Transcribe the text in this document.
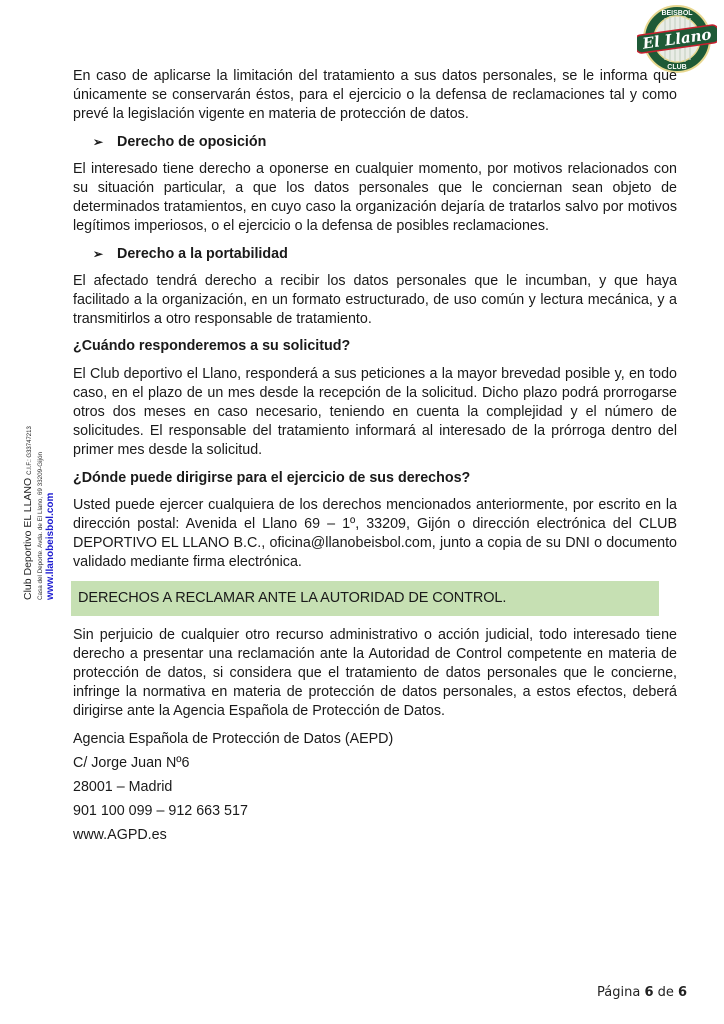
BEISBOL
El Llano
CLUB
Club Deportivo EL LLANO C.I.F.: G33747213
Casa del Deporte. Avda. de El Llano, 69 33209-Gijón www.llanobeisbol.com

En caso de aplicarse la limitación del tratamiento a sus datos personales, se le informa que únicamente se conservarán éstos, para el ejercicio o la defensa de reclamaciones tal y como prevé la legislación vigente en materia de protección de datos.

➢ Derecho de oposición

El interesado tiene derecho a oponerse en cualquier momento, por motivos relacionados con su situación particular, a que los datos personales que le conciernan sean objeto de determinados tratamientos, en cuyo caso la organización dejaría de tratarlos salvo por motivos legítimos imperiosos, o el ejercicio o la defensa de posibles reclamaciones.

➢ Derecho a la portabilidad

El afectado tendrá derecho a recibir los datos personales que le incumban, y que haya facilitado a la organización, en un formato estructurado, de uso común y lectura mecánica, y a transmitirlos a otro responsable de tratamiento.

¿Cuándo responderemos a su solicitud?

El Club deportivo el Llano, responderá a sus peticiones a la mayor brevedad posible y, en todo caso, en el plazo de un mes desde la recepción de la solicitud. Dicho plazo podrá prorrogarse otros dos meses en caso necesario, teniendo en cuenta la complejidad y el número de solicitudes. El responsable del tratamiento informará al interesado de la prórroga dentro del primer mes desde la solicitud.

¿Dónde puede dirigirse para el ejercicio de sus derechos?

Usted puede ejercer cualquiera de los derechos mencionados anteriormente, por escrito en la dirección postal: Avenida el Llano 69 – 1º, 33209, Gijón o dirección electrónica del CLUB DEPORTIVO EL LLANO B.C., oficina@llanobeisbol.com, junto a copia de su DNI o documento validado mediante firma electrónica.

DERECHOS A RECLAMAR ANTE LA AUTORIDAD DE CONTROL.

Sin perjuicio de cualquier otro recurso administrativo o acción judicial, todo interesado tiene derecho a presentar una reclamación ante la Autoridad de Control competente en materia de protección de datos, si considera que el tratamiento de datos personales que le concierne, infringe la normativa en materia de protección de datos personales, a estos efectos, deberá dirigirse ante la Agencia Española de Protección de Datos.

Agencia Española de Protección de Datos (AEPD)
C/ Jorge Juan Nº6
28001 – Madrid
901 100 099 – 912 663 517
www.AGPD.es
Página 6 de 6
